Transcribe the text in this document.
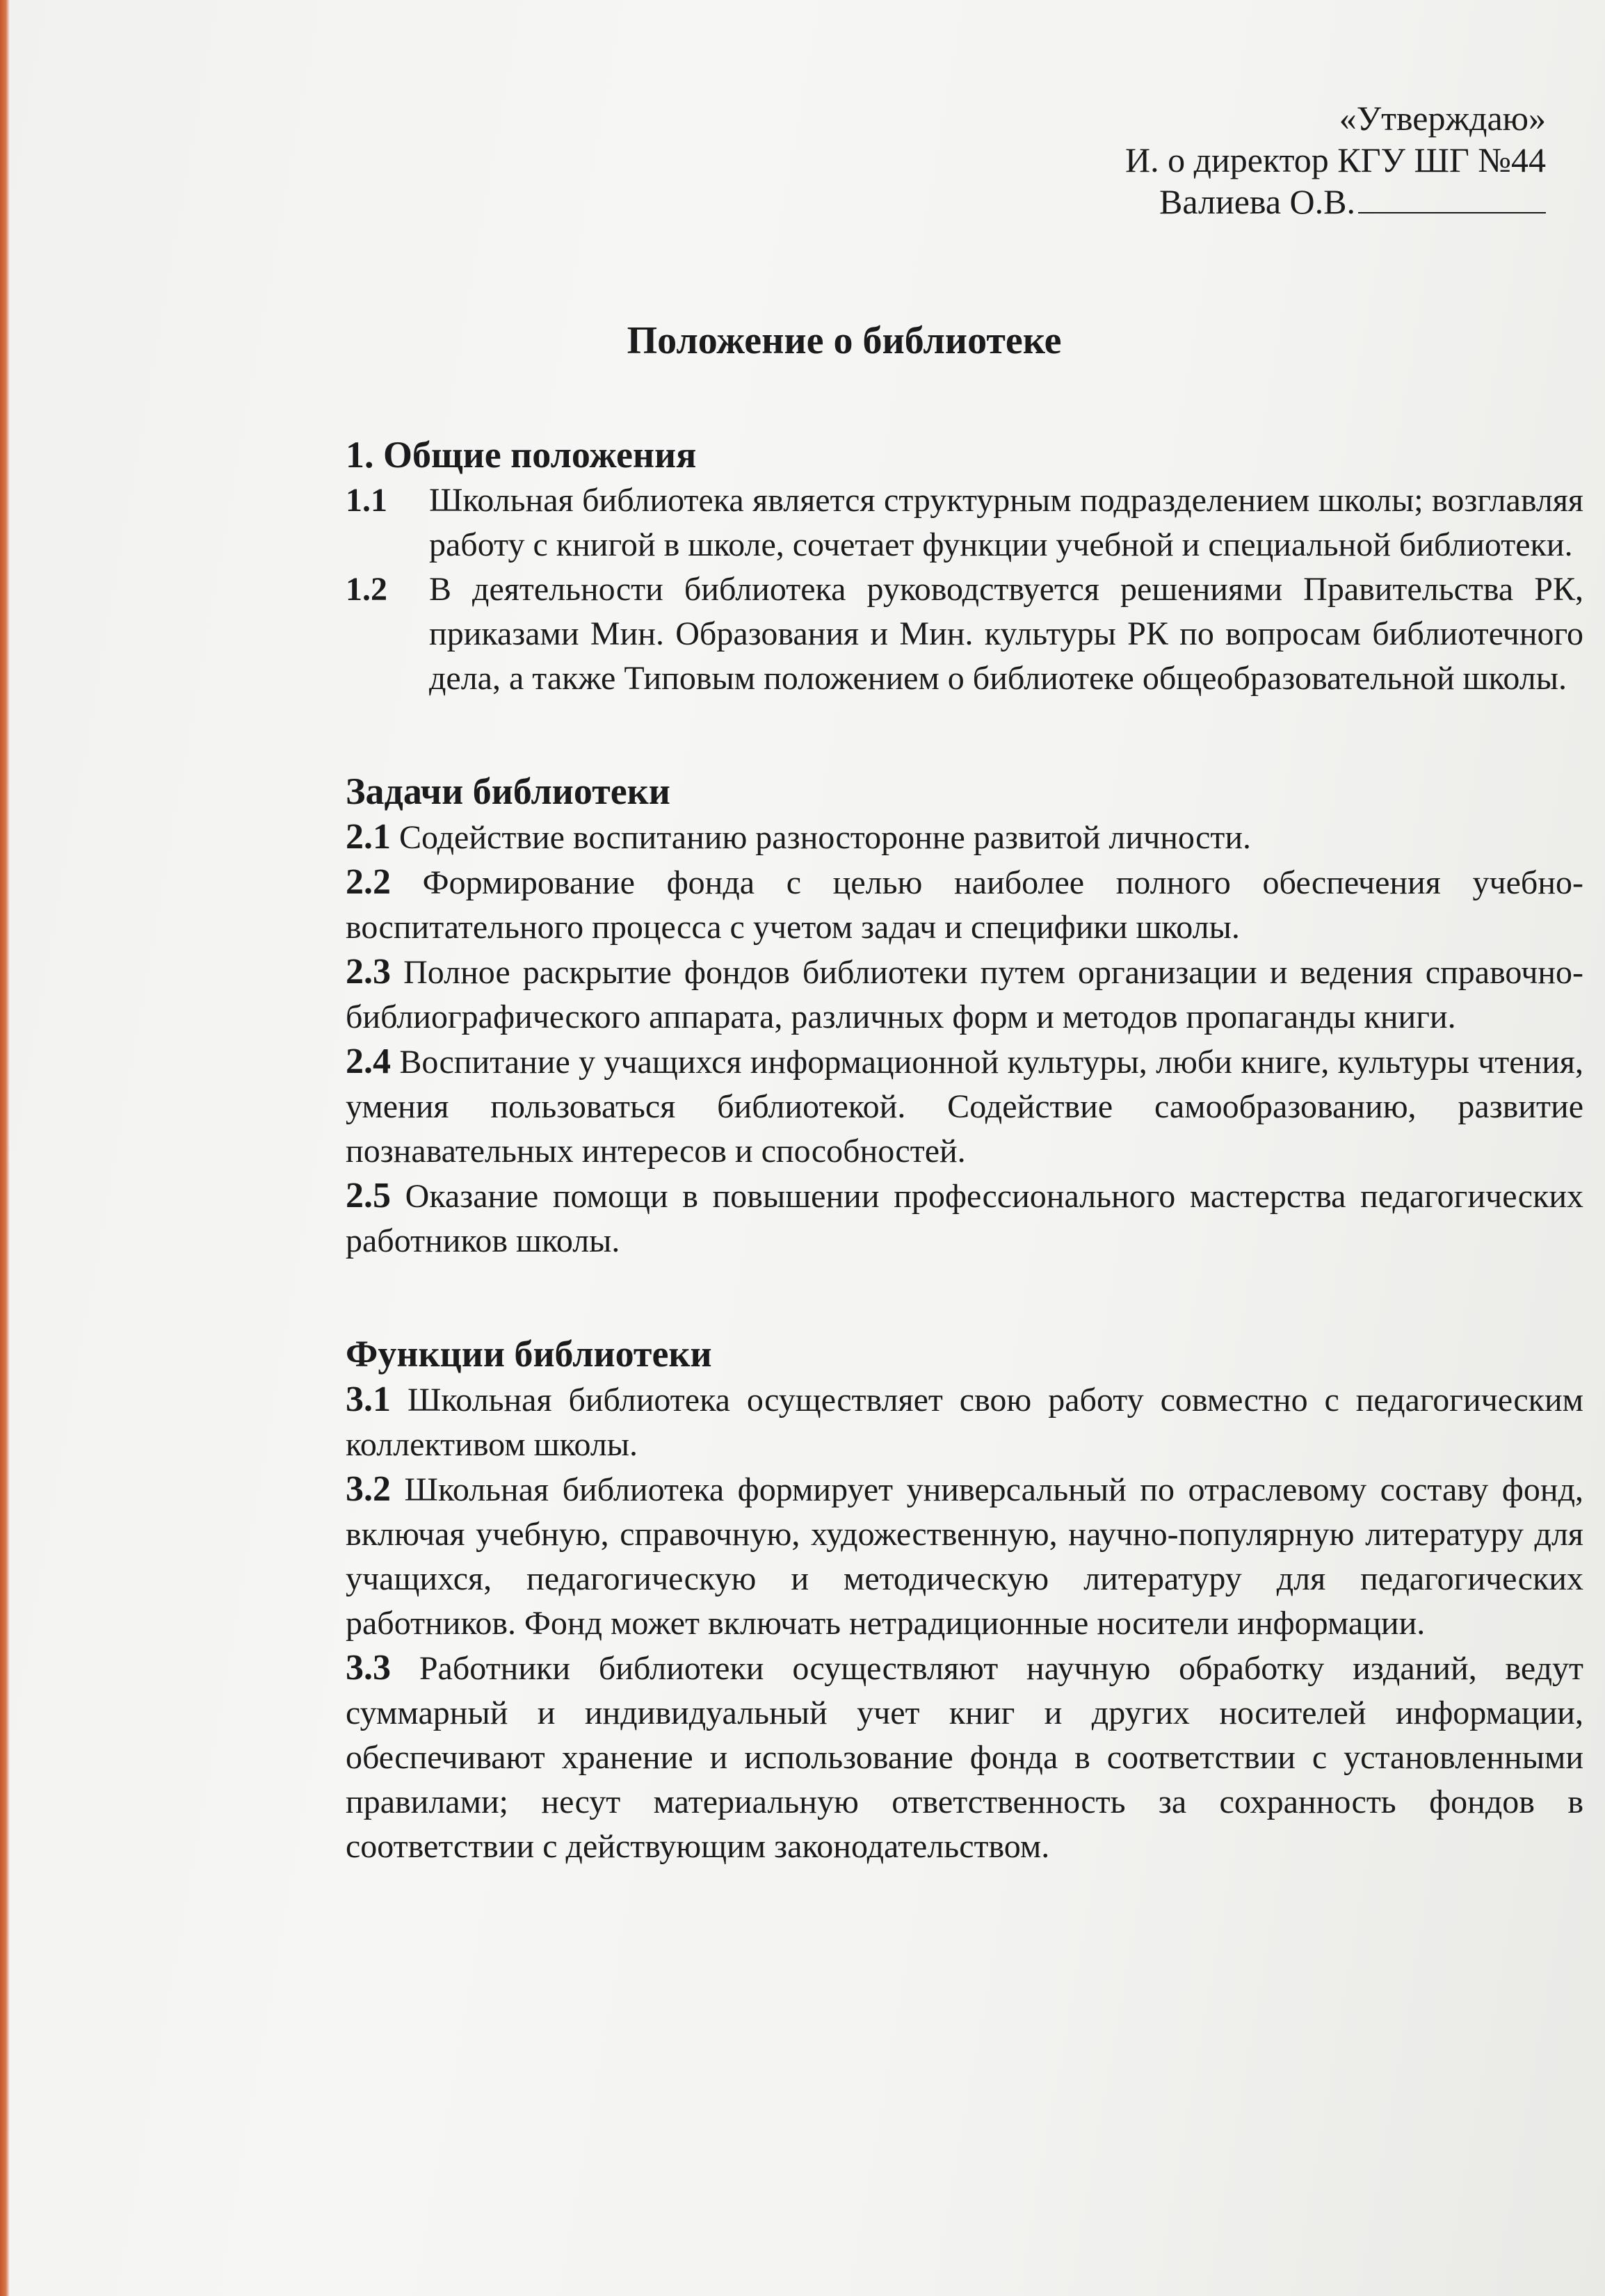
«Утверждаю»
И. о директор КГУ ШГ №44
Валиева О.В.
Положение о библиотеке
1. Общие положения
1.1	Школьная библиотека является структурным подразделением школы; возглавляя работу с книгой в школе, сочетает функции учебной и специальной библиотеки.
1.2	В деятельности библиотека руководствуется решениями Правительства РК, приказами Мин. Образования и Мин. культуры РК по вопросам библиотечного дела, а также Типовым положением о библиотеке общеобразовательной школы.
Задачи библиотеки

2.1 Содействие воспитанию разносторонне развитой личности.

2.2 Формирование фонда с целью наиболее полного обеспечения учебно- воспитательного процесса с учетом задач и специфики школы.

2.3 Полное раскрытие фондов библиотеки путем организации и ведения справочно-библиографического аппарата, различных форм и методов пропаганды книги.

2.4 Воспитание у учащихся информационной культуры, люби книге, культуры чтения, умения пользоваться библиотекой. Содействие самообразованию, развитие познавательных интересов и способностей.

2.5 Оказание помощи в повышении профессионального мастерства педагогических работников школы.

Функции библиотеки

3.1 Школьная библиотека осуществляет свою работу совместно с педагогическим коллективом школы.

3.2 Школьная библиотека формирует универсальный по отраслевому составу фонд, включая учебную, справочную, художественную, научно-популярную литературу для учащихся, педагогическую и методическую литературу для педагогических работников. Фонд может включать нетрадиционные носители информации.

3.3 Работники библиотеки осуществляют научную обработку изданий, ведут суммарный и индивидуальный учет книг и других носителей информации, обеспечивают хранение и использование фонда в соответствии с установленными правилами; несут материальную ответственность за сохранность фондов в соответствии с действующим законодательством.
